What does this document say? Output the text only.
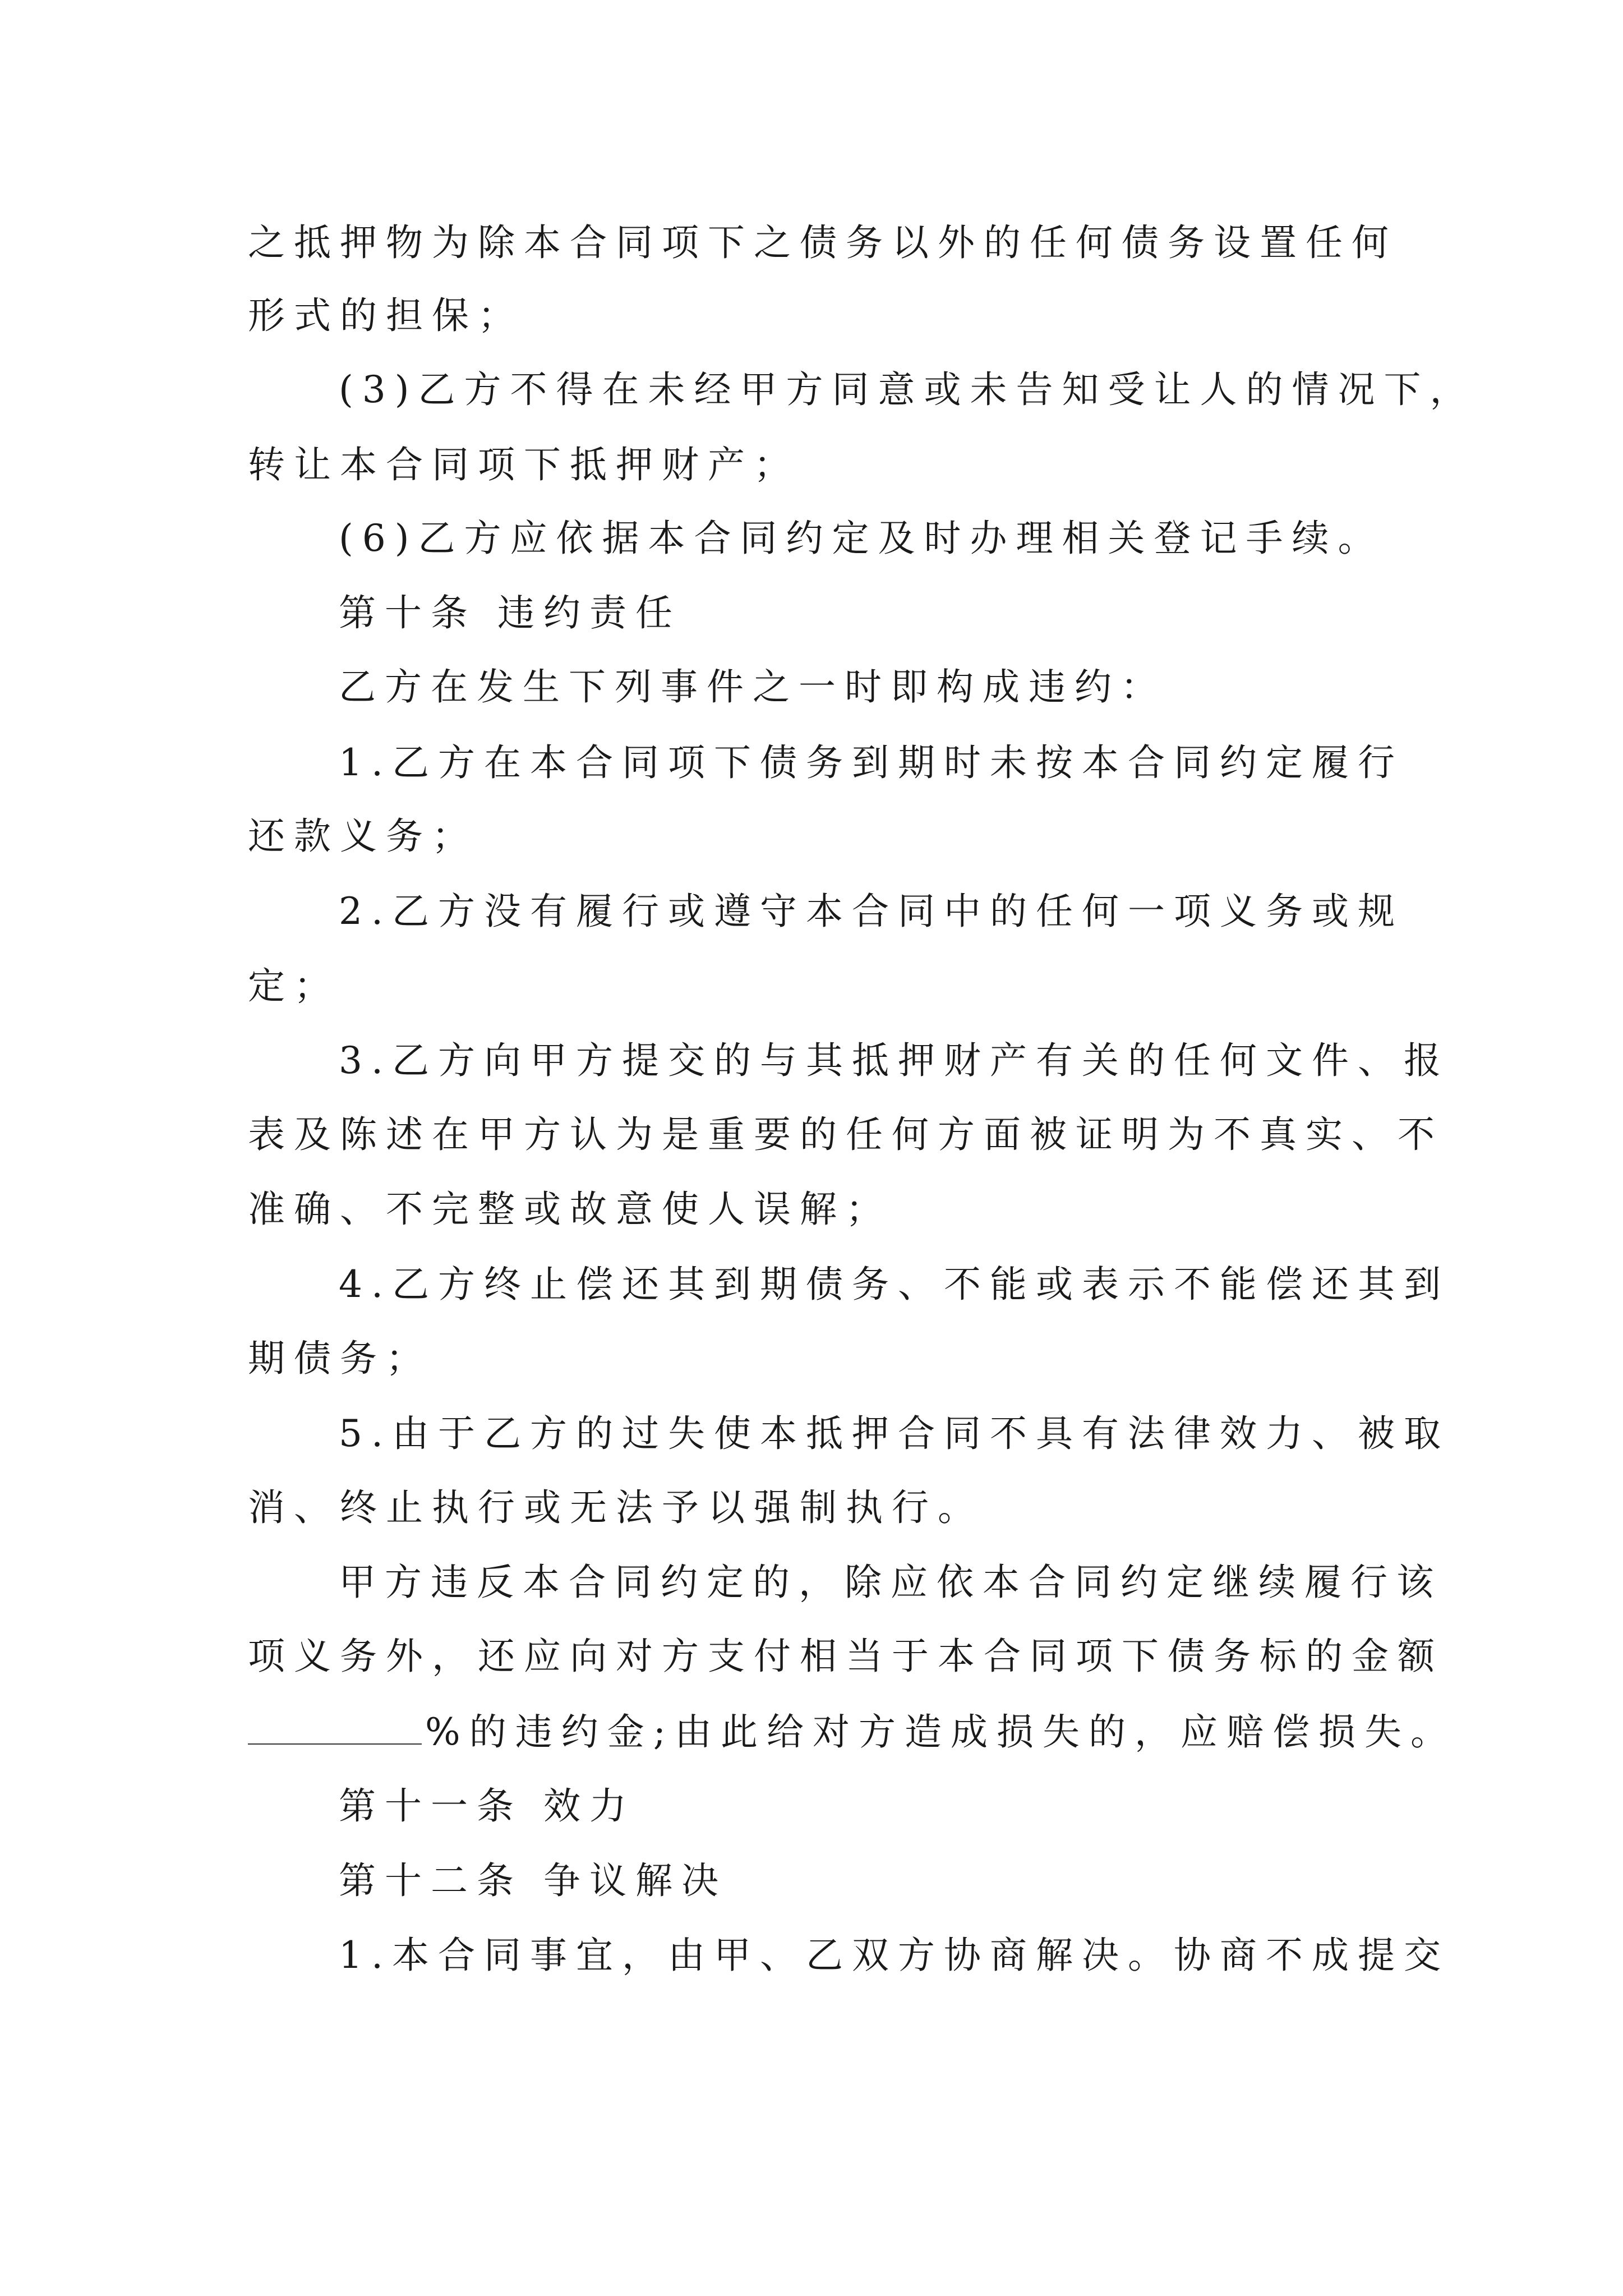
之抵押物为除本合同项下之债务以外的任何债务设置任何
形式的担保；
(3)乙方不得在未经甲方同意或未告知受让人的情况下，
转让本合同项下抵押财产；
(6)乙方应依据本合同约定及时办理相关登记手续。
第十条 违约责任
乙方在发生下列事件之一时即构成违约：
1.乙方在本合同项下债务到期时未按本合同约定履行
还款义务；
2.乙方没有履行或遵守本合同中的任何一项义务或规
定；
3.乙方向甲方提交的与其抵押财产有关的任何文件、报
表及陈述在甲方认为是重要的任何方面被证明为不真实、不
准确、不完整或故意使人误解；
4.乙方终止偿还其到期债务、不能或表示不能偿还其到
期债务；
5.由于乙方的过失使本抵押合同不具有法律效力、被取
消、终止执行或无法予以强制执行。
甲方违反本合同约定的，除应依本合同约定继续履行该
项义务外，还应向对方支付相当于本合同项下债务标的金额
%的违约金;由此给对方造成损失的，应赔偿损失。
第十一条 效力
第十二条 争议解决
1.本合同事宜，由甲、乙双方协商解决。协商不成提交
